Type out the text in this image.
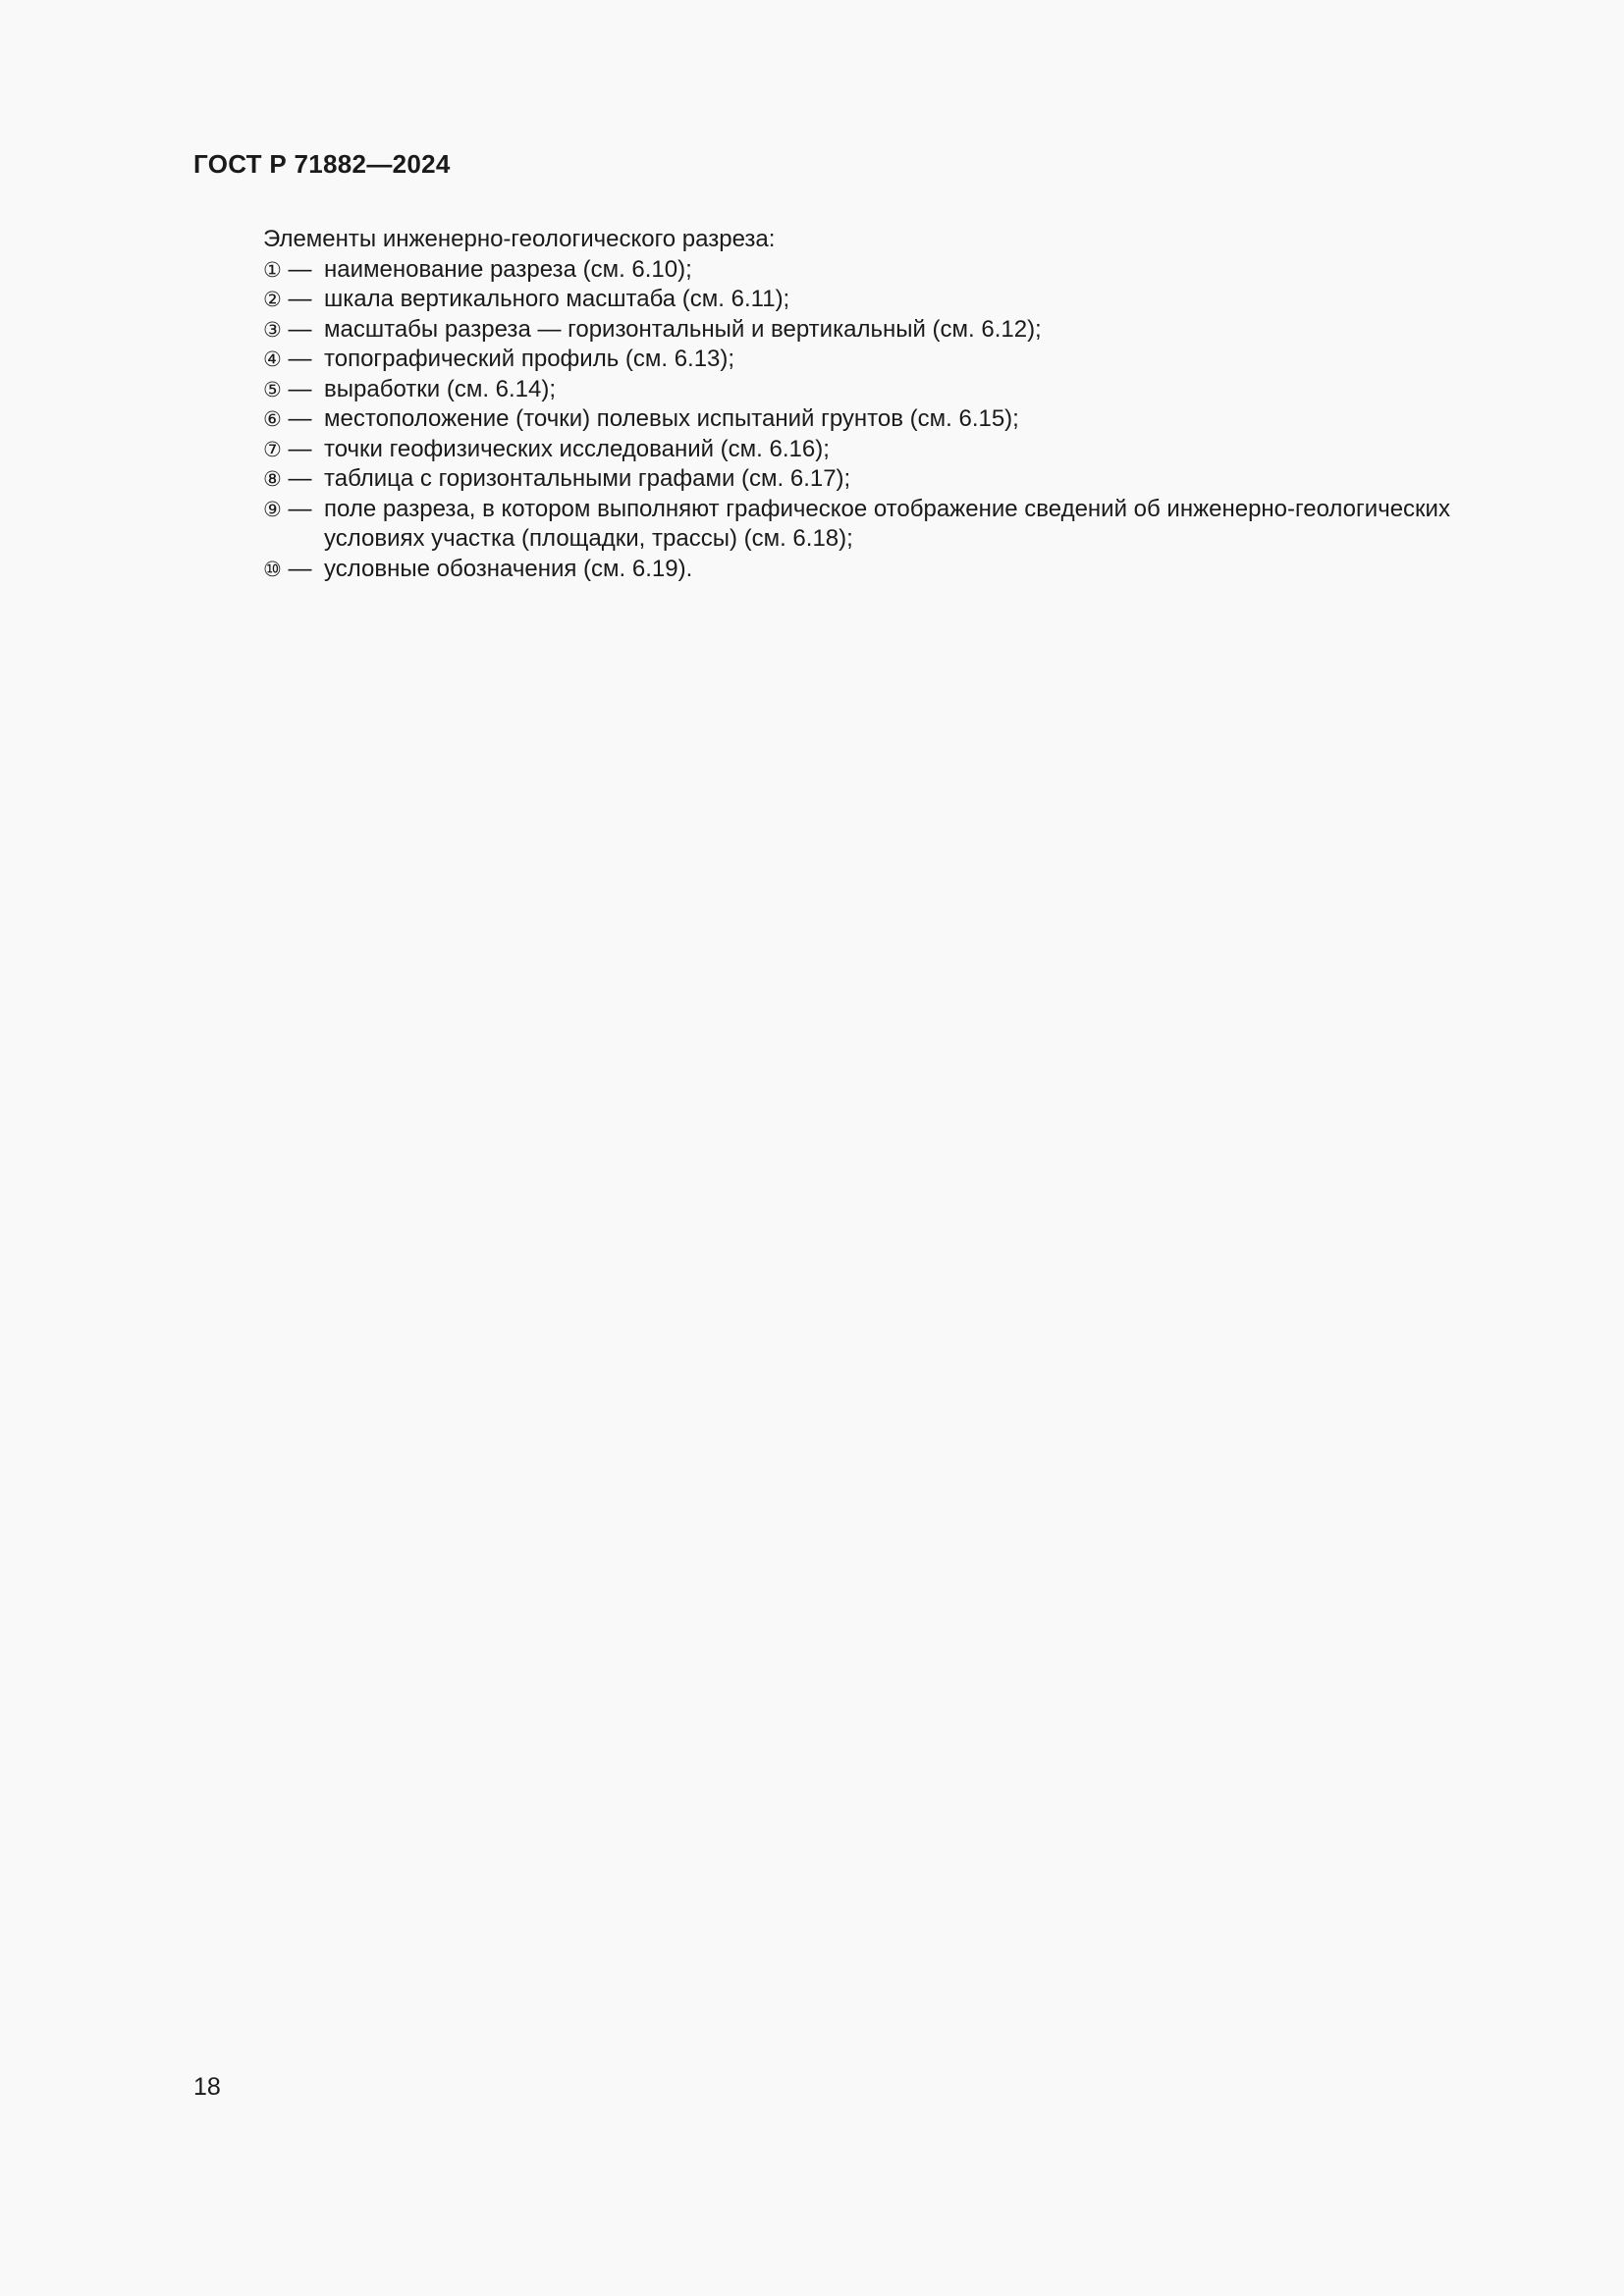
ГОСТ Р 71882—2024

Элементы инженерно-геологического разреза:

① — наименование разреза (см. 6.10);
② — шкала вертикального масштаба (см. 6.11);
③ — масштабы разреза — горизонтальный и вертикальный (см. 6.12);
④ — топографический профиль (см. 6.13);
⑤ — выработки (см. 6.14);
⑥ — местоположение (точки) полевых испытаний грунтов (см. 6.15);
⑦ — точки геофизических исследований (см. 6.16);
⑧ — таблица с горизонтальными графами (см. 6.17);
⑨ — поле разреза, в котором выполняют графическое отображение сведений об инженерно-геологических условиях участка (площадки, трассы) (см. 6.18);
⑩ — условные обозначения (см. 6.19).
18
